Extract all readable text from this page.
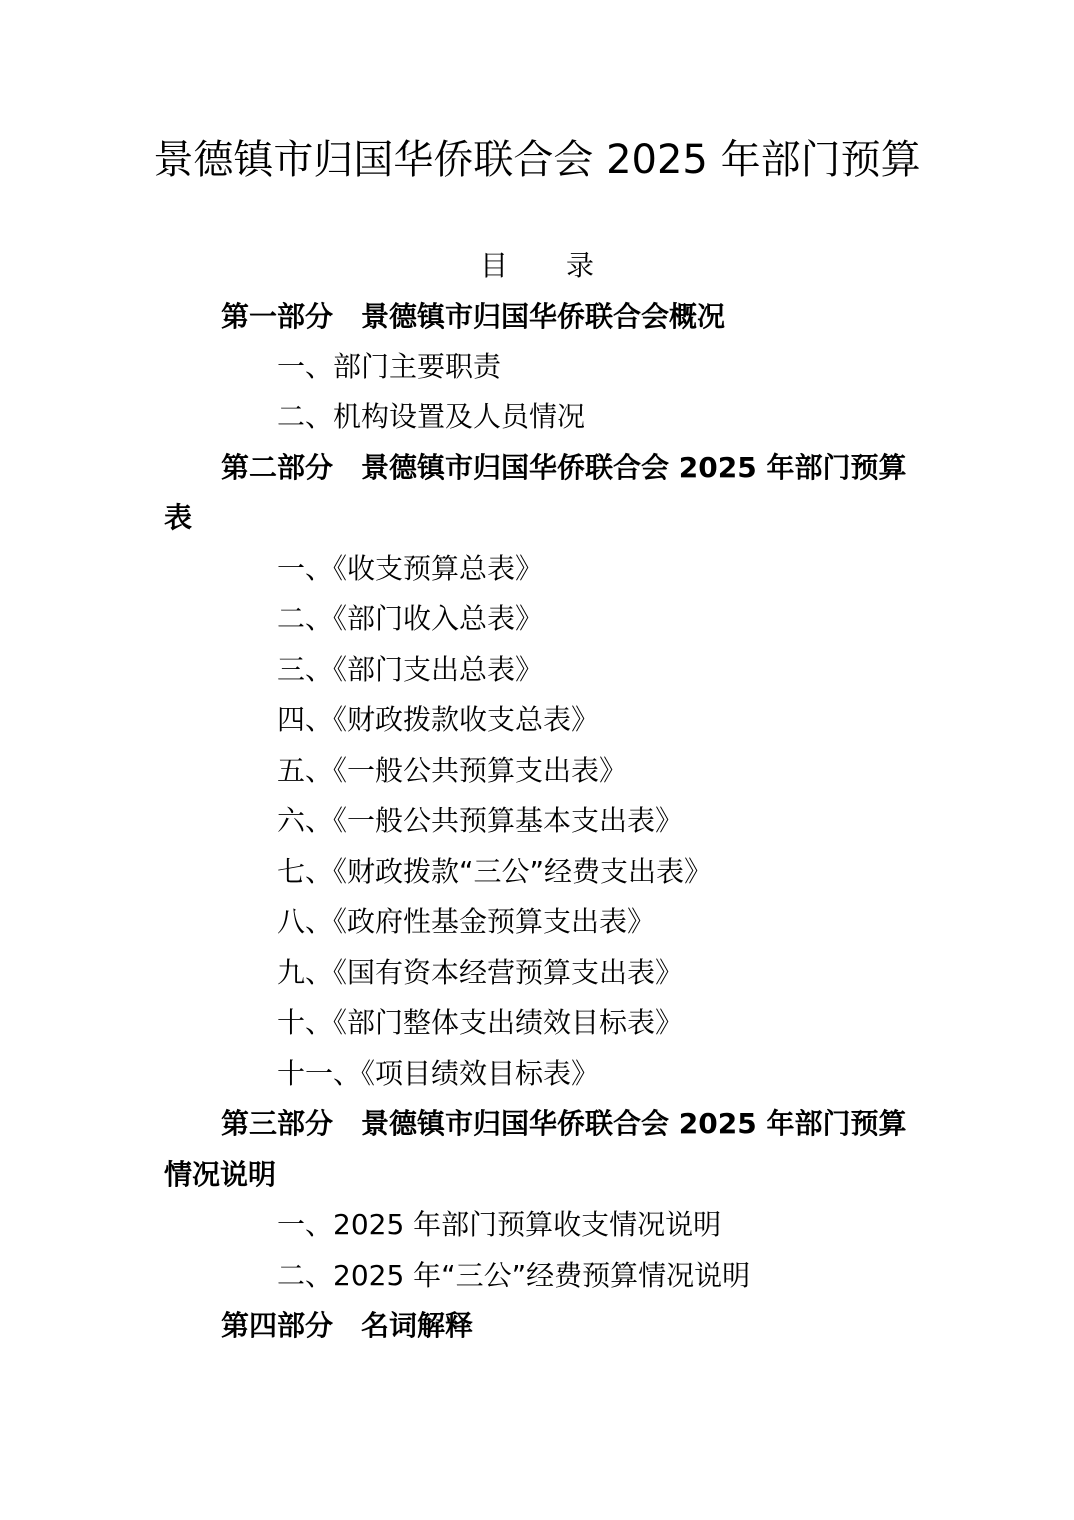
景德镇市归国华侨联合会 2025 年部门预算
目录
第一部分 景德镇市归国华侨联合会概况
一、部门主要职责
二、机构设置及人员情况
第二部分 景德镇市归国华侨联合会 2025 年部门预算
表
一、《收支预算总表》
二、《部门收入总表》
三、《部门支出总表》
四、《财政拨款收支总表》
五、《一般公共预算支出表》
六、《一般公共预算基本支出表》
七、《财政拨款“三公”经费支出表》
八、《政府性基金预算支出表》
九、《国有资本经营预算支出表》
十、《部门整体支出绩效目标表》
十一、《项目绩效目标表》
第三部分 景德镇市归国华侨联合会 2025 年部门预算
情况说明
一、2025 年部门预算收支情况说明
二、2025 年“三公”经费预算情况说明
第四部分 名词解释
